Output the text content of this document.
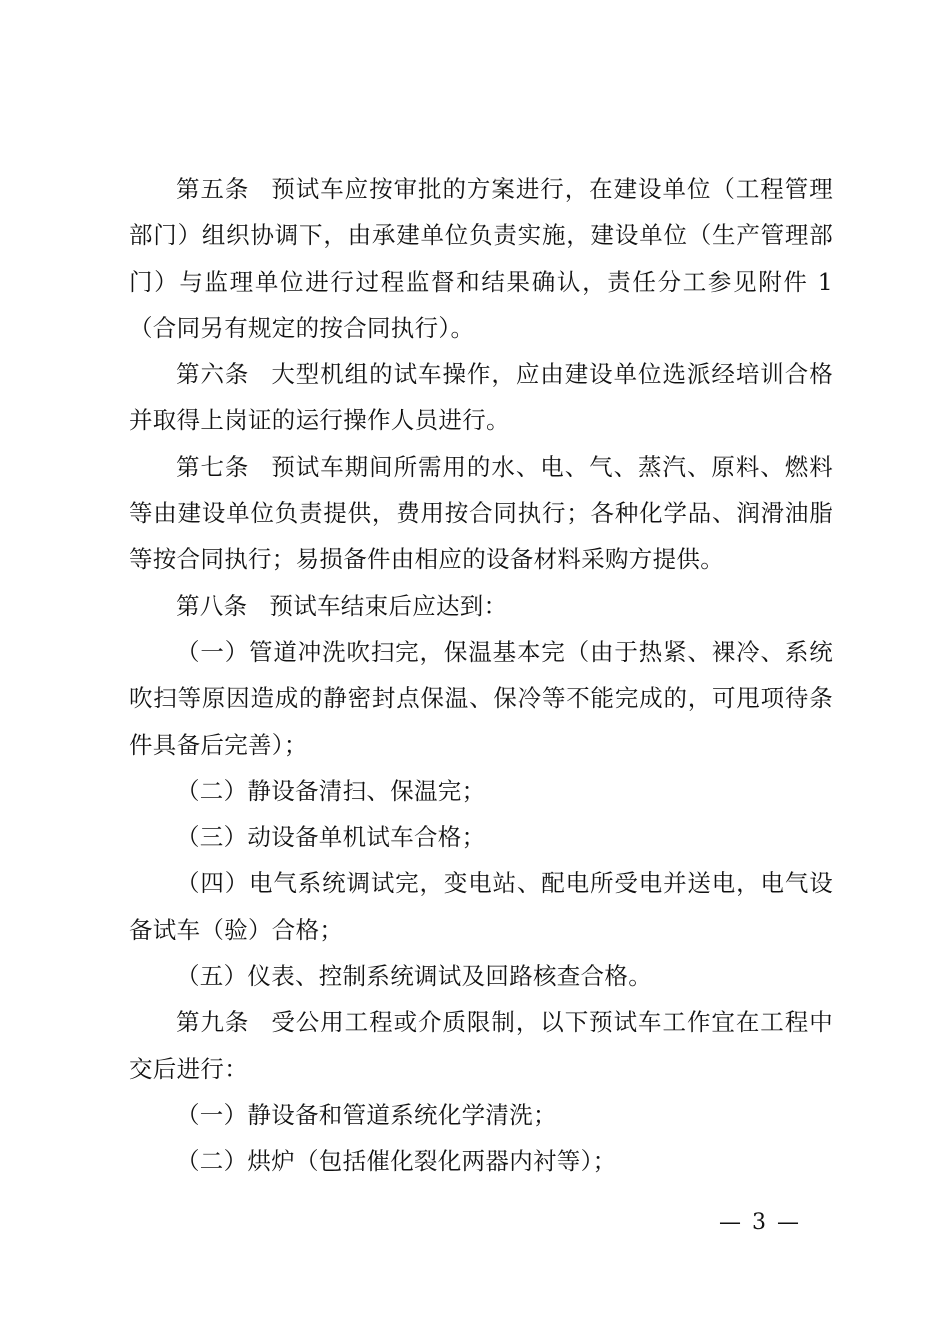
第五条 预试车应按审批的方案进行，在建设单位（工程管理部门）组织协调下，由承建单位负责实施，建设单位（生产管理部门）与监理单位进行过程监督和结果确认，责任分工参见附件 1（合同另有规定的按合同执行）。

第六条 大型机组的试车操作，应由建设单位选派经培训合格并取得上岗证的运行操作人员进行。

第七条 预试车期间所需用的水、电、气、蒸汽、原料、燃料等由建设单位负责提供，费用按合同执行；各种化学品、润滑油脂等按合同执行；易损备件由相应的设备材料采购方提供。

第八条 预试车结束后应达到：

（一）管道冲洗吹扫完，保温基本完（由于热紧、裸冷、系统吹扫等原因造成的静密封点保温、保冷等不能完成的，可甩项待条件具备后完善）；

（二）静设备清扫、保温完；

（三）动设备单机试车合格；

（四）电气系统调试完，变电站、配电所受电并送电，电气设备试车（验）合格；

（五）仪表、控制系统调试及回路核查合格。

第九条 受公用工程或介质限制，以下预试车工作宜在工程中交后进行：

（一）静设备和管道系统化学清洗；

（二）烘炉（包括催化裂化两器内衬等）；

— 3 —
